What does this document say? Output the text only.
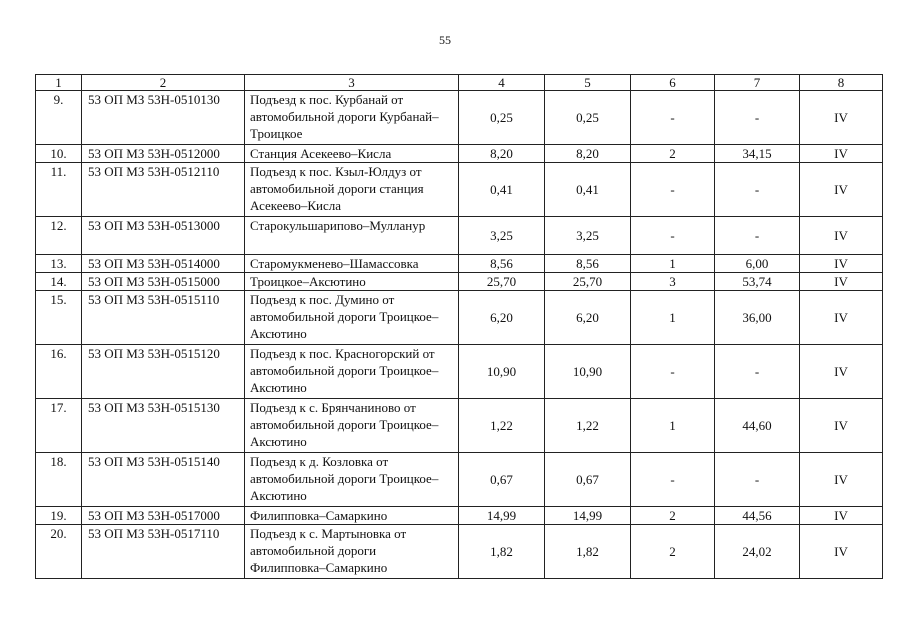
55
1	2	3	4	5	6	7	8
9.	53 ОП МЗ 53Н-0510130	Подъезд к пос. Курбанай от автомобильной дороги Курбанай–Троицкое	0,25	0,25	-	-	IV
10.	53 ОП МЗ 53Н-0512000	Станция Асекеево–Кисла	8,20	8,20	2	34,15	IV
11.	53 ОП МЗ 53Н-0512110	Подъезд к пос. Кзыл-Юлдуз от автомобильной дороги станция Асекеево–Кисла	0,41	0,41	-	-	IV
12.	53 ОП МЗ 53Н-0513000	Старокульшарипово–Мулланур	3,25	3,25	-	-	IV
13.	53 ОП МЗ 53Н-0514000	Старомукменево–Шамассовка	8,56	8,56	1	6,00	IV
14.	53 ОП МЗ 53Н-0515000	Троицкое–Аксютино	25,70	25,70	3	53,74	IV
15.	53 ОП МЗ 53Н-0515110	Подъезд к пос. Думино от автомобильной дороги Троицкое–Аксютино	6,20	6,20	1	36,00	IV
16.	53 ОП МЗ 53Н-0515120	Подъезд к пос. Красногорский от автомобильной дороги Троицкое–Аксютино	10,90	10,90	-	-	IV
17.	53 ОП МЗ 53Н-0515130	Подъезд к с. Брянчаниново от автомобильной дороги Троицкое–Аксютино	1,22	1,22	1	44,60	IV
18.	53 ОП МЗ 53Н-0515140	Подъезд к д. Козловка от автомобильной дороги Троицкое–Аксютино	0,67	0,67	-	-	IV
19.	53 ОП МЗ 53Н-0517000	Филипповка–Самаркино	14,99	14,99	2	44,56	IV
20.	53 ОП МЗ 53Н-0517110	Подъезд к с. Мартыновка от автомобильной дороги Филипповка–Самаркино	1,82	1,82	2	24,02	IV
